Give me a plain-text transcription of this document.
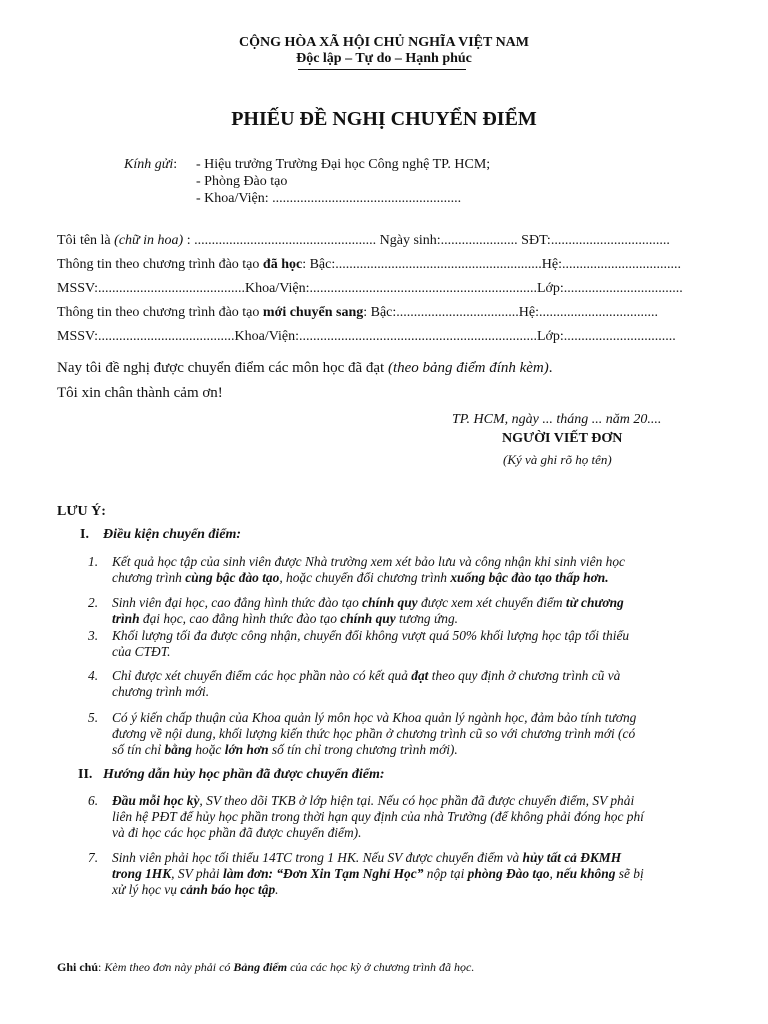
CỘNG HÒA XÃ HỘI CHỦ NGHĨA VIỆT NAM
Độc lập – Tự do – Hạnh phúc
PHIẾU ĐỀ NGHỊ CHUYỂN ĐIỂM
Kính gửi: - Hiệu trưởng Trường Đại học Công nghệ TP. HCM;
- Phòng Đào tạo
- Khoa/Viện: ......................................................
Tôi tên là (chữ in hoa) : .................................................... Ngày sinh:...................... SĐT:..................................
Thông tin theo chương trình đào tạo đã học: Bậc:...........................................................Hệ:..................................
MSSV:..........................................Khoa/Viện:.................................................................Lớp:..................................
Thông tin theo chương trình đào tạo mới chuyển sang: Bậc:...................................Hệ:..................................
MSSV:.......................................Khoa/Viện:....................................................................Lớp:................................
Nay tôi đề nghị được chuyển điểm các môn học đã đạt (theo bảng điểm đính kèm).
Tôi xin chân thành cảm ơn!
TP. HCM, ngày ... tháng ... năm 20....
NGƯỜI VIẾT ĐƠN
(Ký và ghi rõ họ tên)
LƯU Ý:
I. Điều kiện chuyển điểm:
1. Kết quả học tập của sinh viên được Nhà trường xem xét bảo lưu và công nhận khi sinh viên học
chương trình cùng bậc đào tạo, hoặc chuyển đổi chương trình xuống bậc đào tạo thấp hơn.
2. Sinh viên đại học, cao đẳng hình thức đào tạo chính quy được xem xét chuyển điểm từ chương
trình đại học, cao đẳng hình thức đào tạo chính quy tương ứng.
3. Khối lượng tối đa được công nhận, chuyển đổi không vượt quá 50% khối lượng học tập tối thiểu
của CTĐT.
4. Chỉ được xét chuyển điểm các học phần nào có kết quả đạt theo quy định ở chương trình cũ và
chương trình mới.
5. Có ý kiến chấp thuận của Khoa quản lý môn học và Khoa quản lý ngành học, đảm bảo tính tương
đương về nội dung, khối lượng kiến thức học phần ở chương trình cũ so với chương trình mới (có
số tín chỉ bằng hoặc lớn hơn số tín chỉ trong chương trình mới).
II. Hướng dẫn hủy học phần đã được chuyển điểm:
6. Đầu mỗi học kỳ, SV theo dõi TKB ở lớp hiện tại. Nếu có học phần đã được chuyển điểm, SV phải
liên hệ PĐT để hủy học phần trong thời hạn quy định của nhà Trường (để không phải đóng học phí
và đi học các học phần đã được chuyển điểm).
7. Sinh viên phải học tối thiểu 14TC trong 1 HK. Nếu SV được chuyển điểm và hủy tất cả ĐKMH
trong 1HK, SV phải làm đơn: “Đơn Xin Tạm Nghỉ Học” nộp tại phòng Đào tạo, nếu không sẽ bị
xử lý học vụ cảnh báo học tập.
Ghi chú: Kèm theo đơn này phải có Bảng điểm của các học kỳ ở chương trình đã học.
